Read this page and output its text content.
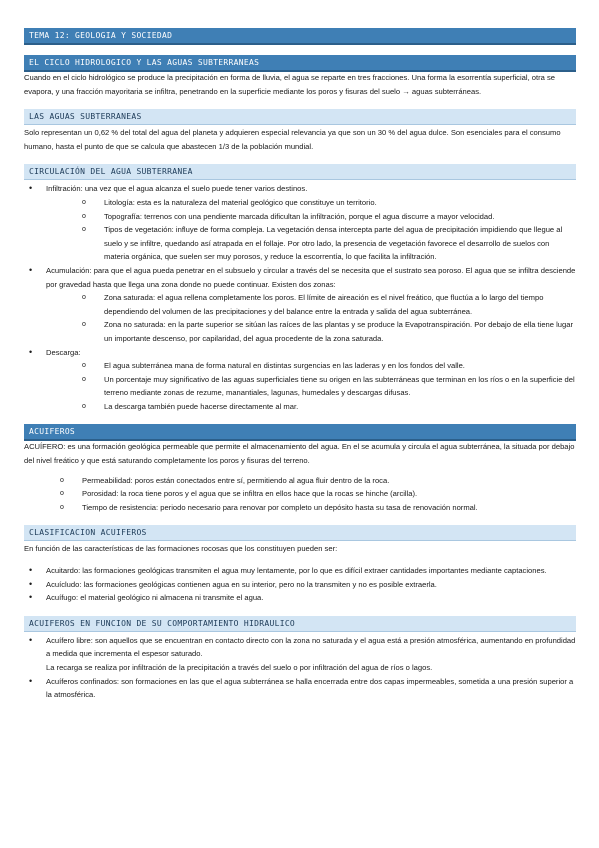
TEMA 12: GEOLOGIA Y SOCIEDAD
EL CICLO HIDROLOGICO Y LAS AGUAS SUBTERRANEAS

Cuando en el ciclo hidrológico se produce la precipitación en forma de lluvia, el agua se reparte en tres fracciones. Una forma la esorrentía superficial, otra se evapora, y una fracción mayoritaria se infiltra, penetrando en la superficie mediante los poros y fisuras del suelo → aguas subterráneas.

LAS AGUAS SUBTERRANEAS

Solo representan un 0,62 % del total del agua del planeta y adquieren especial relevancia ya que son un 30 % del agua dulce. Son esenciales para el consumo humano, hasta el punto de que se calcula que abastecen 1/3 de la población mundial.

CIRCULACIÓN DEL AGUA SUBTERRANEA
• Infiltración: una vez que el agua alcanza el suelo puede tener varios destinos.
o Litología: esta es la naturaleza del material geológico que constituye un territorio.
o Topografía: terrenos con una pendiente marcada dificultan la infiltración, porque el agua discurre a mayor velocidad.
o Tipos de vegetación: influye de forma compleja. La vegetación densa intercepta parte del agua de precipitación impidiendo que llegue al suelo y se infiltre, quedando así atrapada en el follaje. Por otro lado, la presencia de vegetación favorece el desarrollo de suelos con materia orgánica, que suelen ser muy porosos, y reduce la escorrentía, lo que facilita la infiltración.
• Acumulación: para que el agua pueda penetrar en el subsuelo y circular a través del se necesita que el sustrato sea poroso. El agua que se infiltra desciende por gravedad hasta que llega una zona donde no puede continuar. Existen dos zonas:
o Zona saturada: el agua rellena completamente los poros. El límite de aireación es el nivel freático, que fluctúa a lo largo del tiempo dependiendo del volumen de las precipitaciones y del balance entre la entrada y salida del agua subterránea.
o Zona no saturada: en la parte superior se sitúan las raíces de las plantas y se produce la Evapotranspiración. Por debajo de ella tiene lugar un importante descenso, por capilaridad, del agua procedente de la zona saturada.
• Descarga:
o El agua subterránea mana de forma natural en distintas surgencias en las laderas y en los fondos del valle.
o Un porcentaje muy significativo de las aguas superficiales tiene su origen en las subterráneas que terminan en los ríos o en la superficie del terreno mediante zonas de rezume, manantiales, lagunas, humedales y descargas difusas.
o La descarga también puede hacerse directamente al mar.
ACUIFEROS

ACUÍFERO: es una formación geológica permeable que permite el almacenamiento del agua. En el se acumula y circula el agua subterránea, la situada por debajo del nivel freático y que está saturando completamente los poros y fisuras del terreno.

o Permeabilidad: poros están conectados entre sí, permitiendo al agua fluir dentro de la roca.
o Porosidad: la roca tiene poros y el agua que se infiltra en ellos hace que la rocas se hinche (arcilla).
o Tiempo de resistencia: periodo necesario para renovar por completo un depósito hasta su tasa de renovación normal.
CLASIFICACION ACUIFEROS

En función de las características de las formaciones rocosas que los constituyen pueden ser:

• Acuitardo: las formaciones geológicas transmiten el agua muy lentamente, por lo que es difícil extraer cantidades importantes mediante captaciones.
• Acuícludo: las formaciones geológicas contienen agua en su interior, pero no la transmiten y no es posible extraerla.
• Acuífugo: el material geológico ni almacena ni transmite el agua.
ACUIFEROS EN FUNCION DE SU COMPORTAMIENTO HIDRAULICO
• Acuífero libre: son aquellos que se encuentran en contacto directo con la zona no saturada y el agua está a presión atmosférica, aumentando en profundidad a medida que incrementa el espesor saturado.
La recarga se realiza por infiltración de la precipitación a través del suelo o por infiltración del agua de ríos o lagos.
• Acuíferos confinados: son formaciones en las que el agua subterránea se halla encerrada entre dos capas impermeables, sometida a una presión superior a la atmosférica.
